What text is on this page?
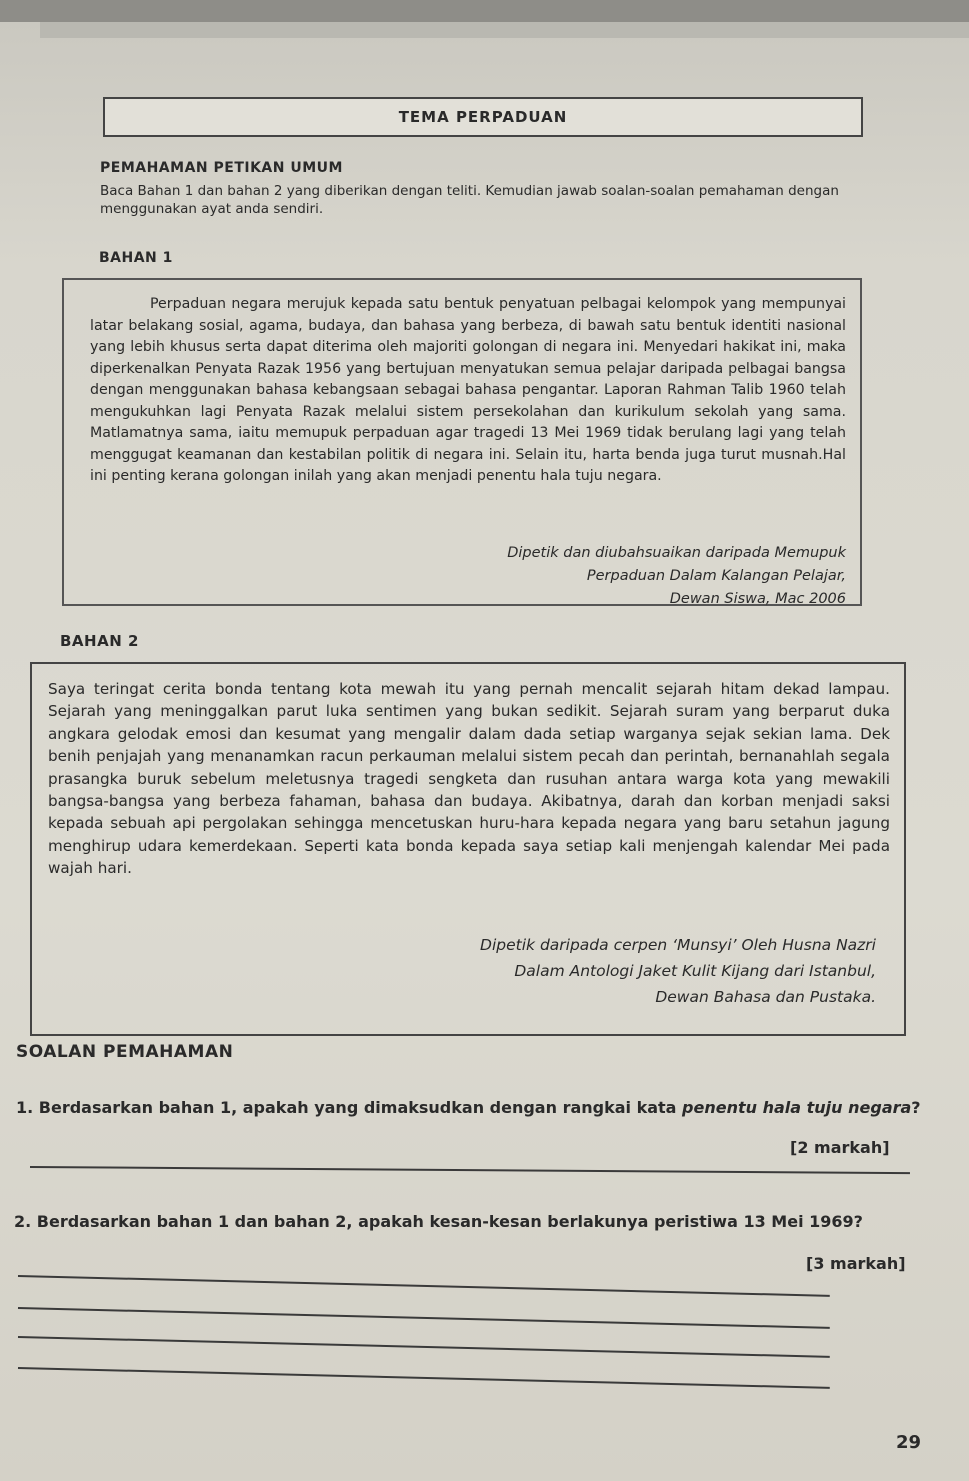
TEMA PERPADUAN
PEMAHAMAN PETIKAN UMUM
Baca Bahan 1 dan bahan 2 yang diberikan dengan teliti. Kemudian jawab soalan-soalan pemahaman dengan menggunakan ayat anda sendiri.
BAHAN 1

Perpaduan negara merujuk kepada satu bentuk penyatuan pelbagai kelompok yang mempunyai latar belakang sosial, agama, budaya, dan bahasa yang berbeza, di bawah satu bentuk identiti nasional yang lebih khusus serta dapat diterima oleh majoriti golongan di negara ini. Menyedari hakikat ini, maka diperkenalkan Penyata Razak 1956 yang bertujuan menyatukan semua pelajar daripada pelbagai bangsa dengan menggunakan bahasa kebangsaan sebagai bahasa pengantar. Laporan Rahman Talib 1960 telah mengukuhkan lagi Penyata Razak melalui sistem persekolahan dan kurikulum sekolah yang sama. Matlamatnya sama, iaitu memupuk perpaduan agar tragedi 13 Mei 1969 tidak berulang lagi yang telah menggugat keamanan dan kestabilan politik di negara ini. Selain itu, harta benda juga turut musnah.Hal ini penting kerana golongan inilah yang akan menjadi penentu hala tuju negara.

Dipetik dan diubahsuaikan daripada Memupuk
Perpaduan Dalam Kalangan Pelajar,
Dewan Siswa, Mac 2006
BAHAN 2

Saya teringat cerita bonda tentang kota mewah itu yang pernah mencalit sejarah hitam dekad lampau. Sejarah yang meninggalkan parut luka sentimen yang bukan sedikit. Sejarah suram yang berparut duka angkara gelodak emosi dan kesumat yang mengalir dalam dada setiap warganya sejak sekian lama. Dek benih penjajah yang menanamkan racun perkauman melalui sistem pecah dan perintah, bernanahlah segala prasangka buruk sebelum meletusnya tragedi sengketa dan rusuhan antara warga kota yang mewakili bangsa-bangsa yang berbeza fahaman, bahasa dan budaya. Akibatnya, darah dan korban menjadi saksi kepada sebuah api pergolakan sehingga mencetuskan huru-hara kepada negara yang baru setahun jagung menghirup udara kemerdekaan. Seperti kata bonda kepada saya setiap kali menjengah kalendar Mei pada wajah hari.

Dipetik daripada cerpen ‘Munsyi’ Oleh Husna Nazri
Dalam Antologi Jaket Kulit Kijang dari Istanbul,
Dewan Bahasa dan Pustaka.
SOALAN PEMAHAMAN
1. Berdasarkan bahan 1, apakah yang dimaksudkan dengan rangkai kata penentu hala tuju negara?
[2 markah]
2. Berdasarkan bahan 1 dan bahan 2, apakah kesan-kesan berlakunya peristiwa 13 Mei 1969?
[3 markah]
29
